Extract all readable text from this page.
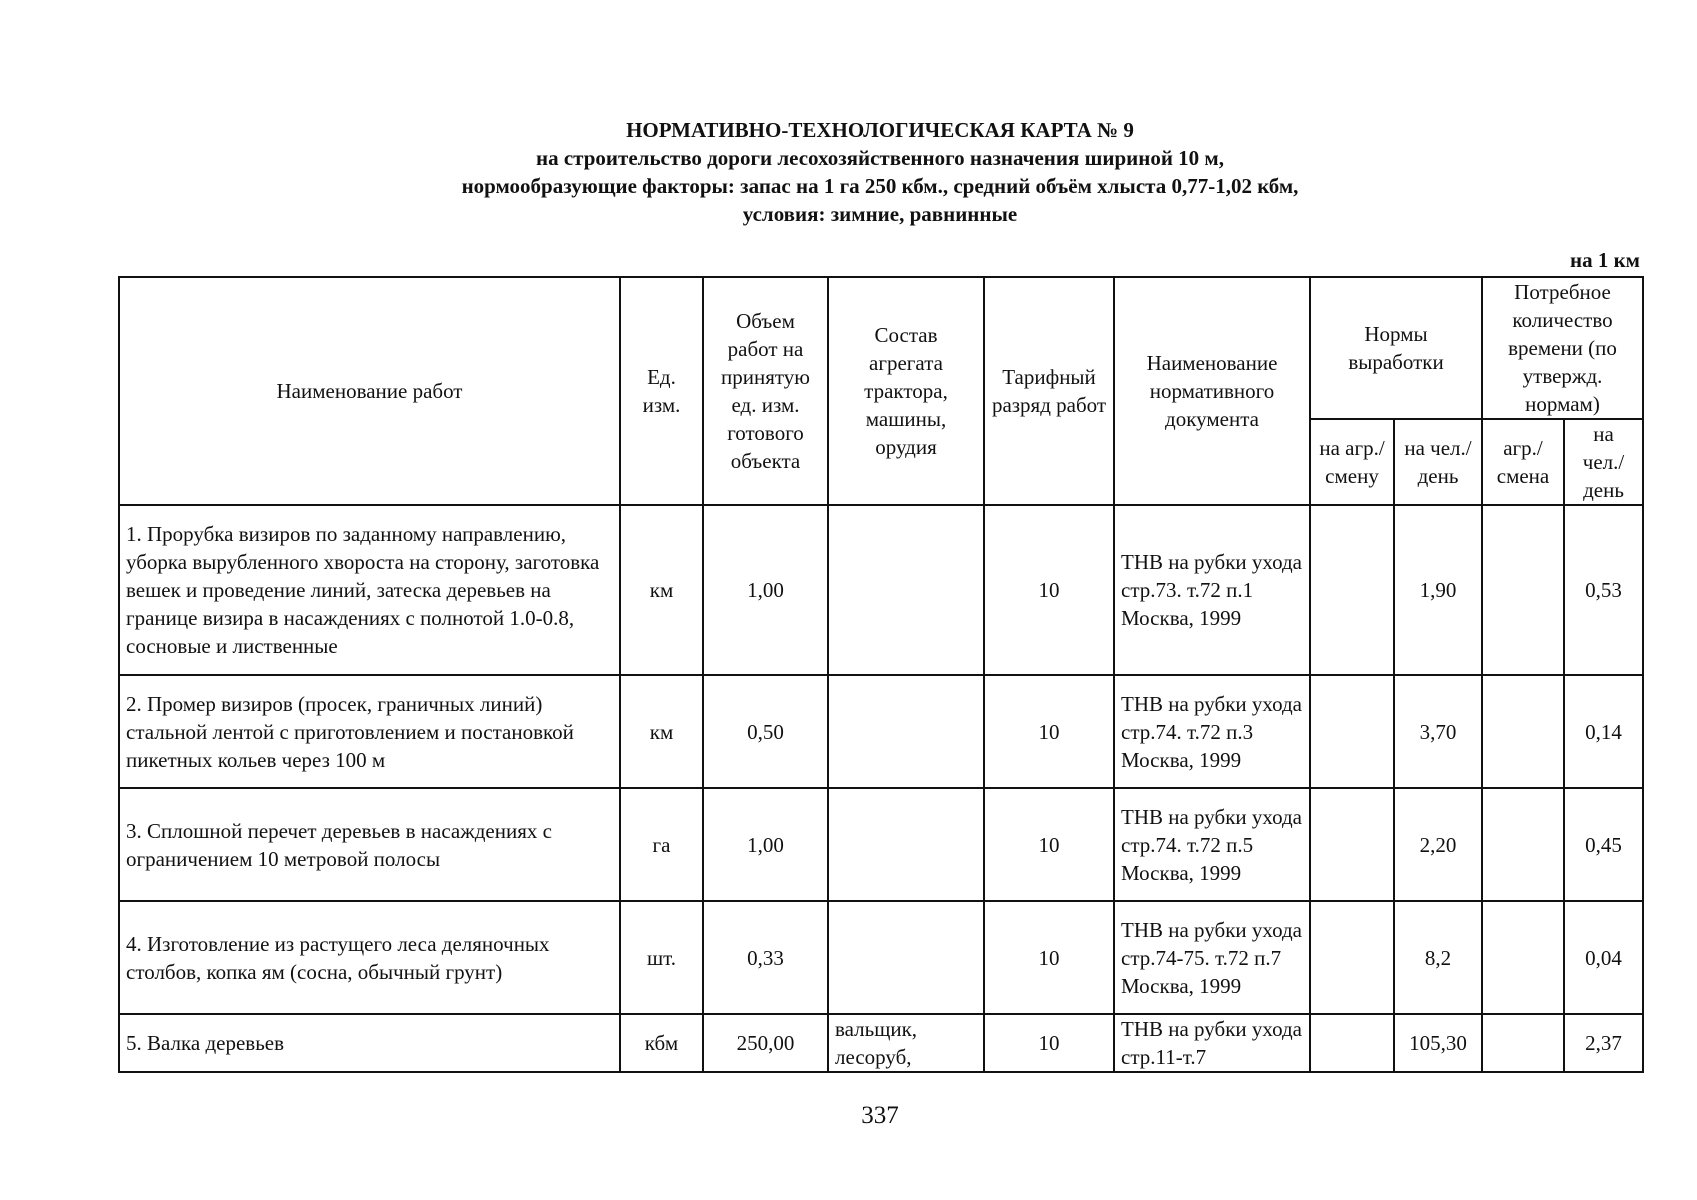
НОРМАТИВНО-ТЕХНОЛОГИЧЕСКАЯ КАРТА № 9
на строительство дороги лесохозяйственного назначения шириной 10 м,
нормообразующие факторы: запас на 1 га 250 кбм., средний объём хлыста 0,77-1,02 кбм,
условия: зимние, равнинные
на 1 км
Наименование работ	Ед. изм.	Объем работ на принятую ед. изм. готового объекта	Состав агрегата трактора, машины, орудия	Тарифный разряд работ	Наименование нормативного документа	Нормы выработки		Потребное количество времени (по утвержд. нормам)	
						на агр./ смену	на чел./ день	агр./ смена	на чел./ день
1. Прорубка визиров по заданному направлению, уборка вырубленного хвороста на сторону, заготовка вешек и проведение линий, затеска деревьев на границе визира в насаждениях с полнотой 1.0-0.8, сосновые и лиственные	км	1,00		10	ТНВ на рубки ухода стр.73. т.72 п.1 Москва, 1999		1,90		0,53
2. Промер визиров (просек, граничных линий) стальной лентой с приготовлением и постановкой пикетных кольев через 100 м	км	0,50		10	ТНВ на рубки ухода стр.74. т.72 п.3 Москва, 1999		3,70		0,14
3. Сплошной перечет деревьев в насаждениях с ограничением 10 метровой полосы	га	1,00		10	ТНВ на рубки ухода стр.74. т.72 п.5 Москва, 1999		2,20		0,45
4. Изготовление из растущего леса деляночных столбов, копка ям (сосна, обычный грунт)	шт.	0,33		10	ТНВ на рубки ухода стр.74-75. т.72 п.7 Москва, 1999		8,2		0,04
5. Валка деревьев	кбм	250,00	вальщик, лесоруб,	10	ТНВ на рубки ухода стр.11-т.7		105,30		2,37
337
